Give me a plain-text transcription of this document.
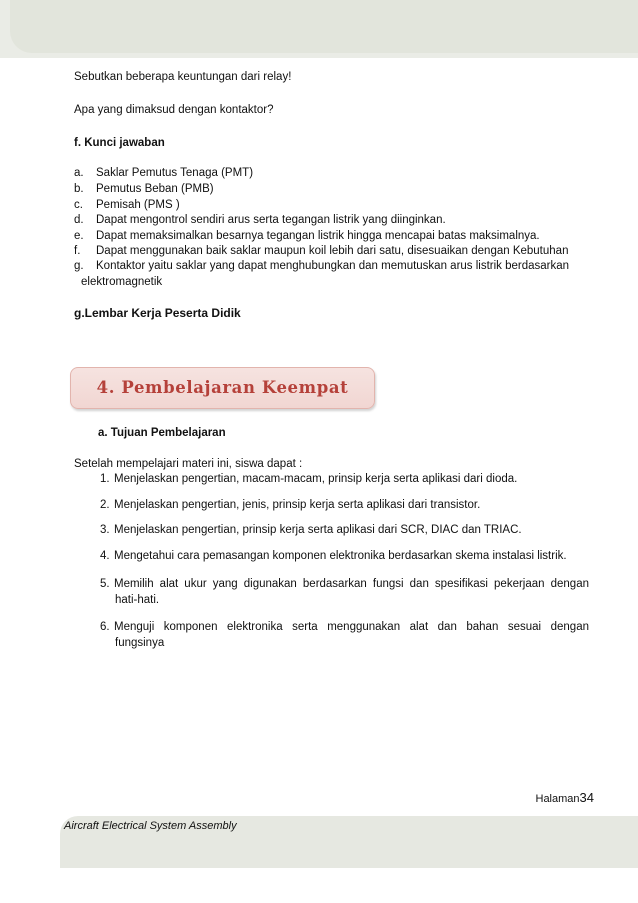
Sebutkan beberapa keuntungan dari relay!
Apa yang dimaksud dengan kontaktor?
f. Kunci jawaban
a. Saklar Pemutus Tenaga (PMT)
b. Pemutus Beban (PMB)
c. Pemisah (PMS )
d. Dapat mengontrol sendiri arus serta tegangan listrik yang diinginkan.
e. Dapat memaksimalkan besarnya tegangan listrik hingga mencapai batas maksimalnya.
f. Dapat menggunakan baik saklar maupun koil lebih dari satu, disesuaikan dengan Kebutuhan
g. Kontaktor yaitu saklar yang dapat menghubungkan dan memutuskan arus listrik berdasarkan
elektromagnetik
g.Lembar Kerja Peserta Didik
4. Pembelajaran Keempat
a. Tujuan Pembelajaran
Setelah mempelajari materi ini, siswa dapat :
1. Menjelaskan pengertian, macam-macam, prinsip kerja serta aplikasi dari dioda.
2. Menjelaskan pengertian, jenis, prinsip kerja serta aplikasi dari transistor.
3. Menjelaskan pengertian, prinsip kerja serta aplikasi dari SCR, DIAC dan TRIAC.
4. Mengetahui cara pemasangan komponen elektronika berdasarkan skema instalasi listrik.
5. Memilih alat ukur yang digunakan berdasarkan fungsi dan spesifikasi pekerjaan dengan
hati-hati.
6. Menguji komponen elektronika serta menggunakan alat dan bahan sesuai dengan
fungsinya
Halaman34
Aircraft Electrical System Assembly
